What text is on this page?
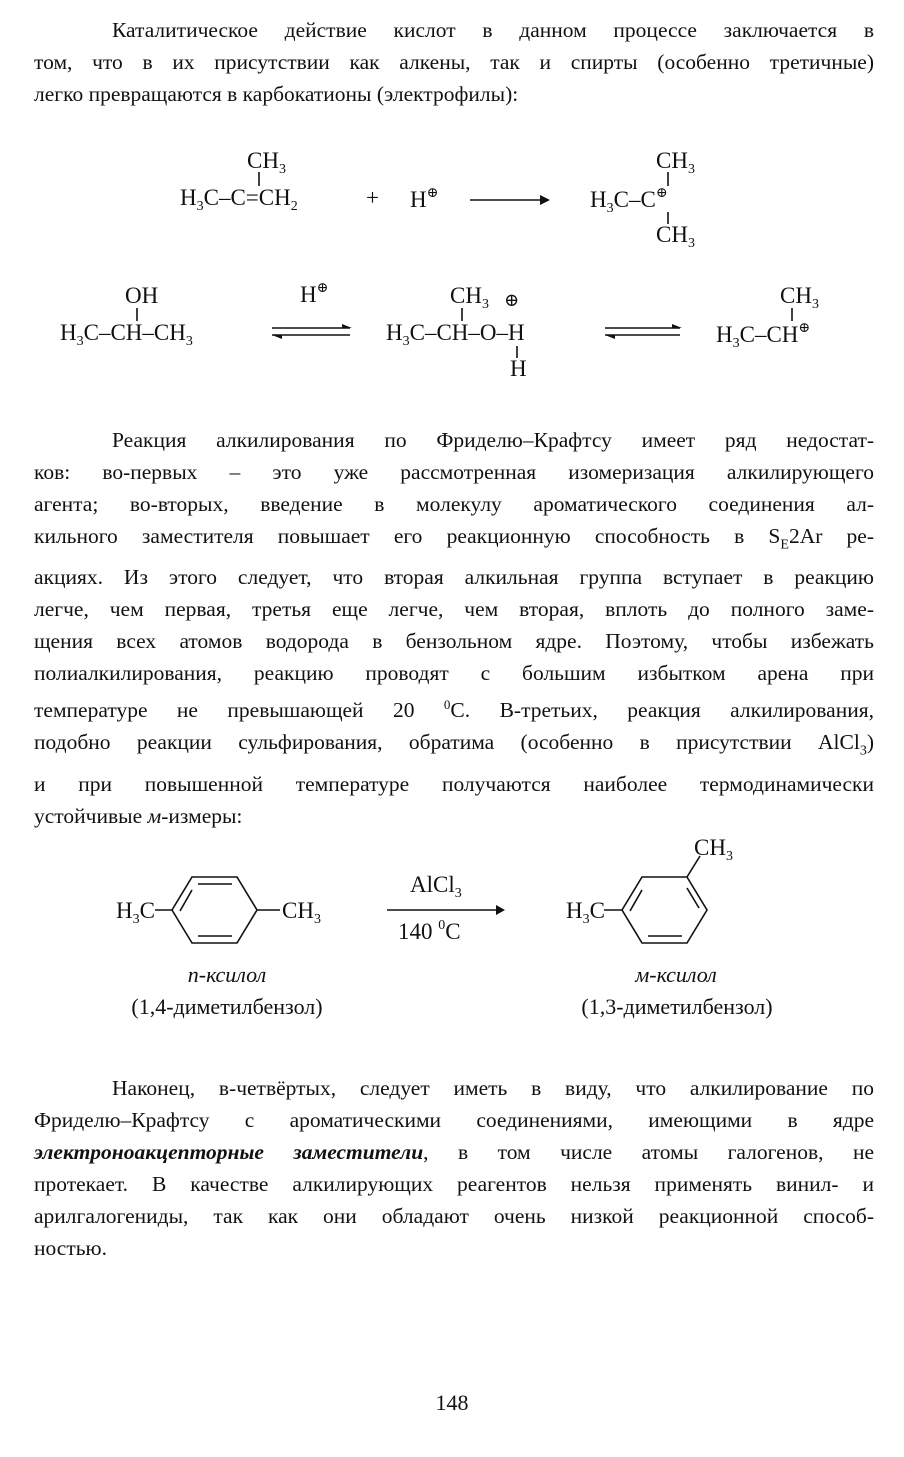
Каталитическое действие кислот в данном процессе заключается в
том, что в их присутствии как алкены, так и спирты (особенно третичные)
легко превращаются в карбокатионы (электрофилы):

$CH_3$
$H_3C-C=CH_2$	+ H⊕
$CH_3$
$H_3C-C^\oplus$
$CH_3$
OH
$H_3C-CH-CH_3$
H⊕	$CH_3$ ⊕
$H_3C-CH-O-H$
H
$CH_3$
$H_3C-CH^\oplus$

Реакция алкилирования по Фриделю–Крафтсу имеет ряд недостат-
ков: во-первых – это уже рассмотренная изомеризация алкилирующего
агента; во-вторых, введение в молекулу ароматического соединения ал-
кильного заместителя повышает его реакционную способность в $S_E2Ar$ ре-
акциях. Из этого следует, что вторая алкильная группа вступает в реакцию
легче, чем первая, третья еще легче, чем вторая, вплоть до полного заме-
щения всех атомов водорода в бензольном ядре. Поэтому, чтобы избежать
полиалкилирования, реакцию проводят с большим избытком арена при
температуре не превышающей 20 $^0$C. В-третьих, реакция алкилирования,
подобно реакции сульфирования, обратима (особенно в присутствии AlCl$_3$)
и при повышенной температуре получаются наиболее термодинамически
устойчивые м-измеры:

$H_3C$	$CH_3$
AlCl$_3$
140 $^0$C
$H_3C$
$CH_3$
п-ксилол
(1,4-диметилбензол)
м-ксилол
(1,3-диметилбензол)

Наконец, в-четвёртых, следует иметь в виду, что алкилирование по
Фриделю–Крафтсу с ароматическими соединениями, имеющими в ядре
электроноакцепторные заместители, в том числе атомы галогенов, не
протекает. В качестве алкилирующих реагентов нельзя применять винил- и
арилгалогениды, так как они обладают очень низкой реакционной способ-
ностью.

148
